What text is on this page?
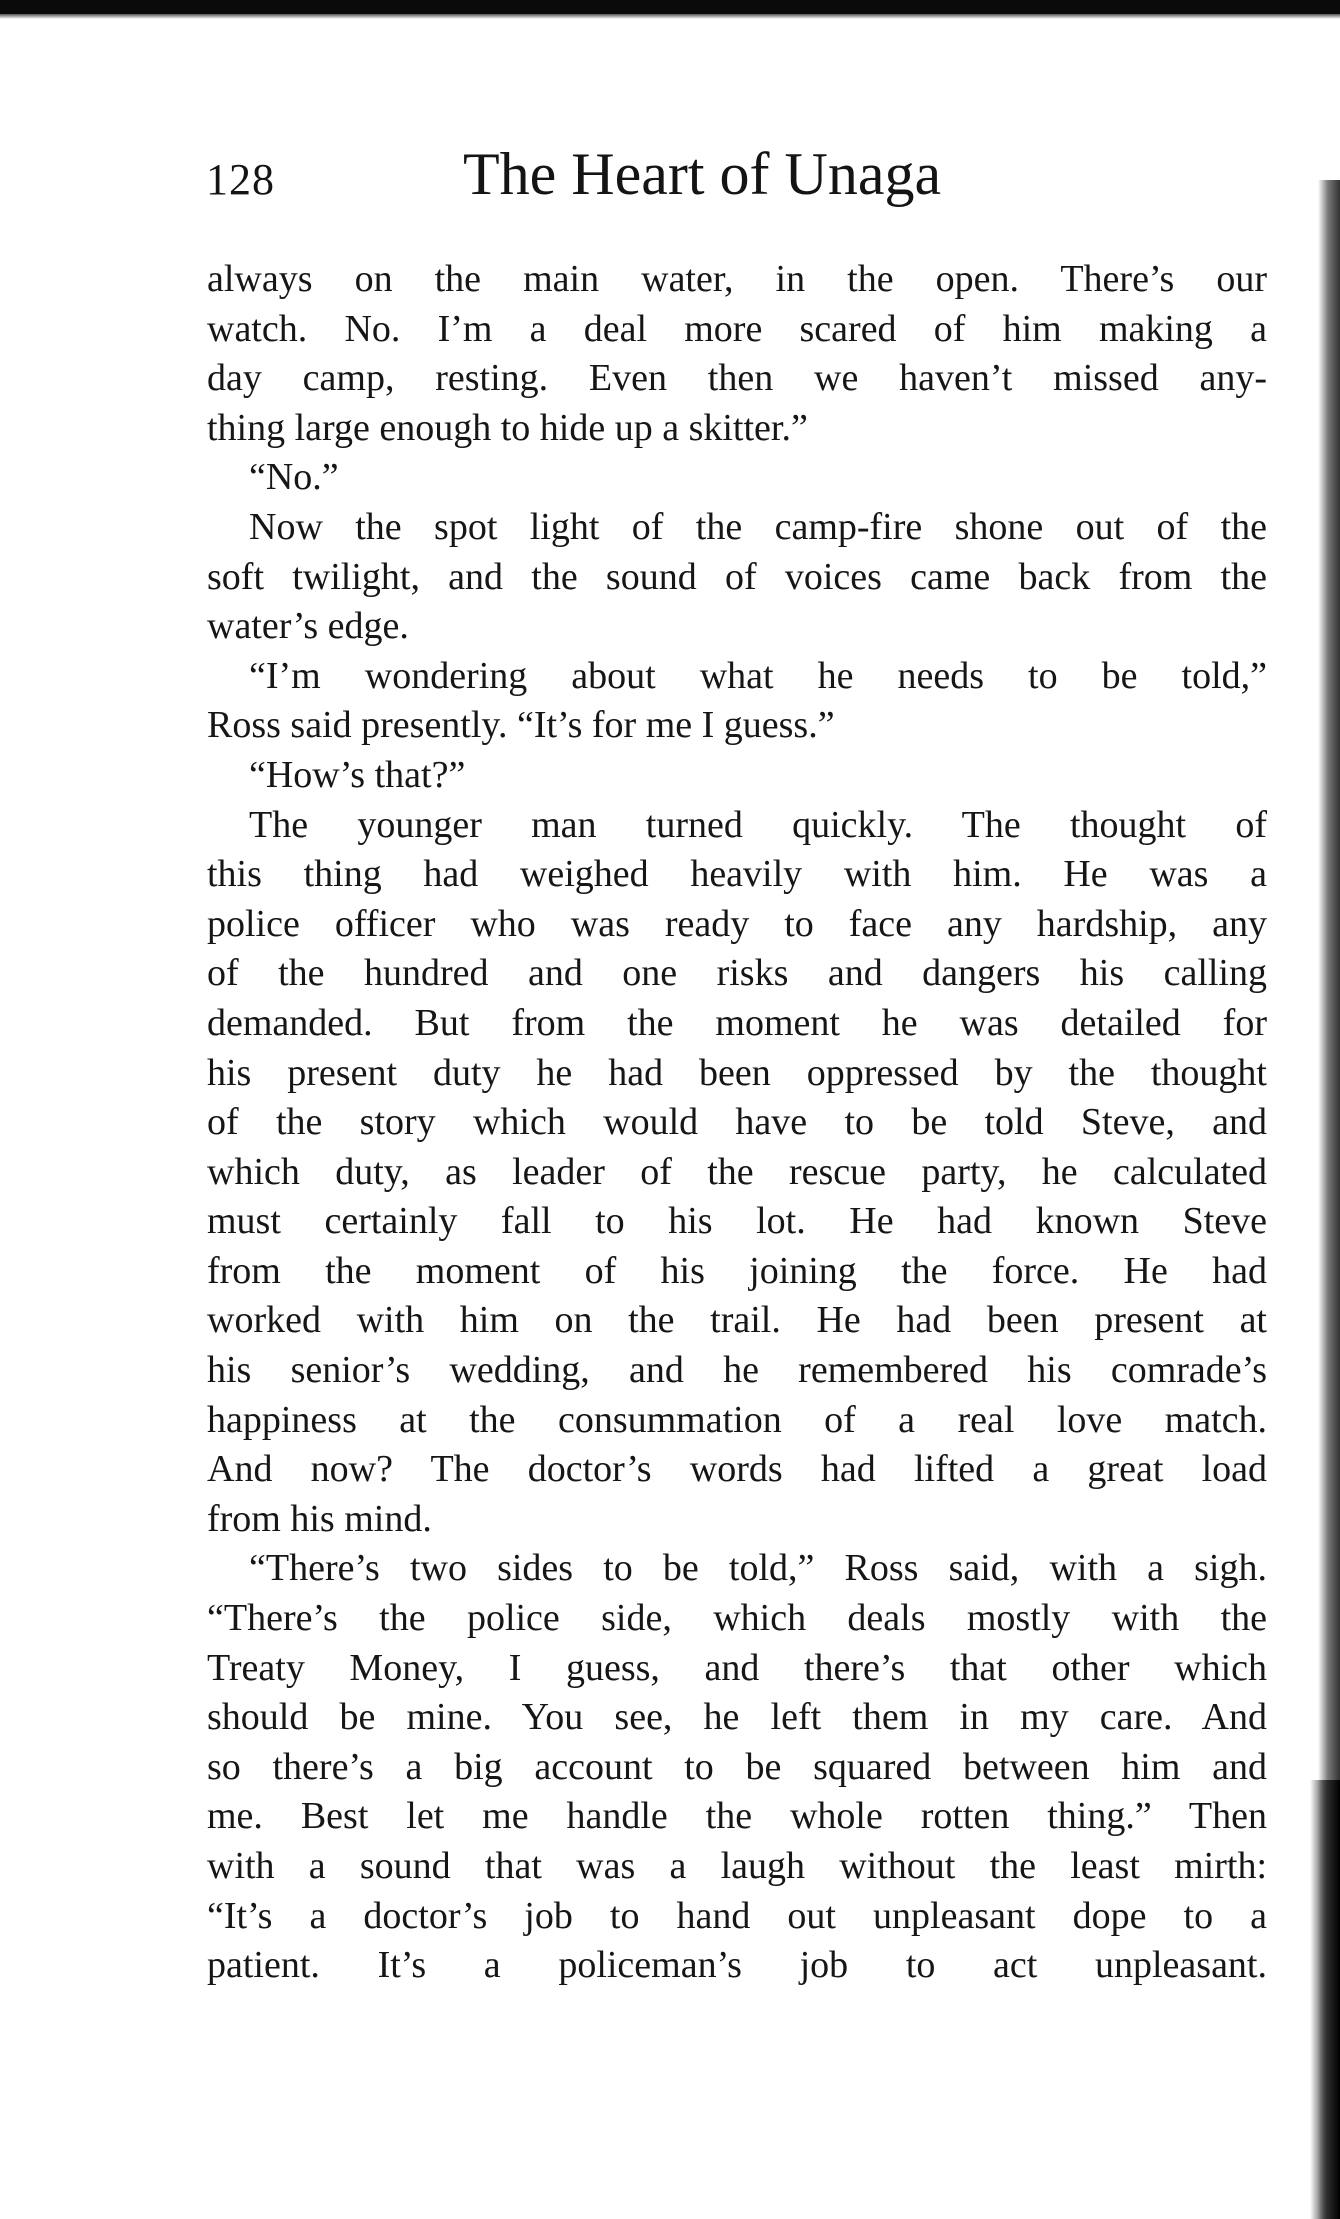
128	The Heart of Unaga
always on the main water, in the open. There’s our
watch. No. I’m a deal more scared of him making a
day camp, resting. Even then we haven’t missed any-
thing large enough to hide up a skitter.”
“No.”
Now the spot light of the camp-fire shone out of the
soft twilight, and the sound of voices came back from the
water’s edge.
“I’m wondering about what he needs to be told,”
Ross said presently. “It’s for me I guess.”
“How’s that?”
The younger man turned quickly. The thought of
this thing had weighed heavily with him. He was a
police officer who was ready to face any hardship, any
of the hundred and one risks and dangers his calling
demanded. But from the moment he was detailed for
his present duty he had been oppressed by the thought
of the story which would have to be told Steve, and
which duty, as leader of the rescue party, he calculated
must certainly fall to his lot. He had known Steve
from the moment of his joining the force. He had
worked with him on the trail. He had been present at
his senior’s wedding, and he remembered his comrade’s
happiness at the consummation of a real love match.
And now? The doctor’s words had lifted a great load
from his mind.
“There’s two sides to be told,” Ross said, with a sigh.
“There’s the police side, which deals mostly with the
Treaty Money, I guess, and there’s that other which
should be mine. You see, he left them in my care. And
so there’s a big account to be squared between him and
me. Best let me handle the whole rotten thing.” Then
with a sound that was a laugh without the least mirth:
“It’s a doctor’s job to hand out unpleasant dope to a
patient. It’s a policeman’s job to act unpleasant.
